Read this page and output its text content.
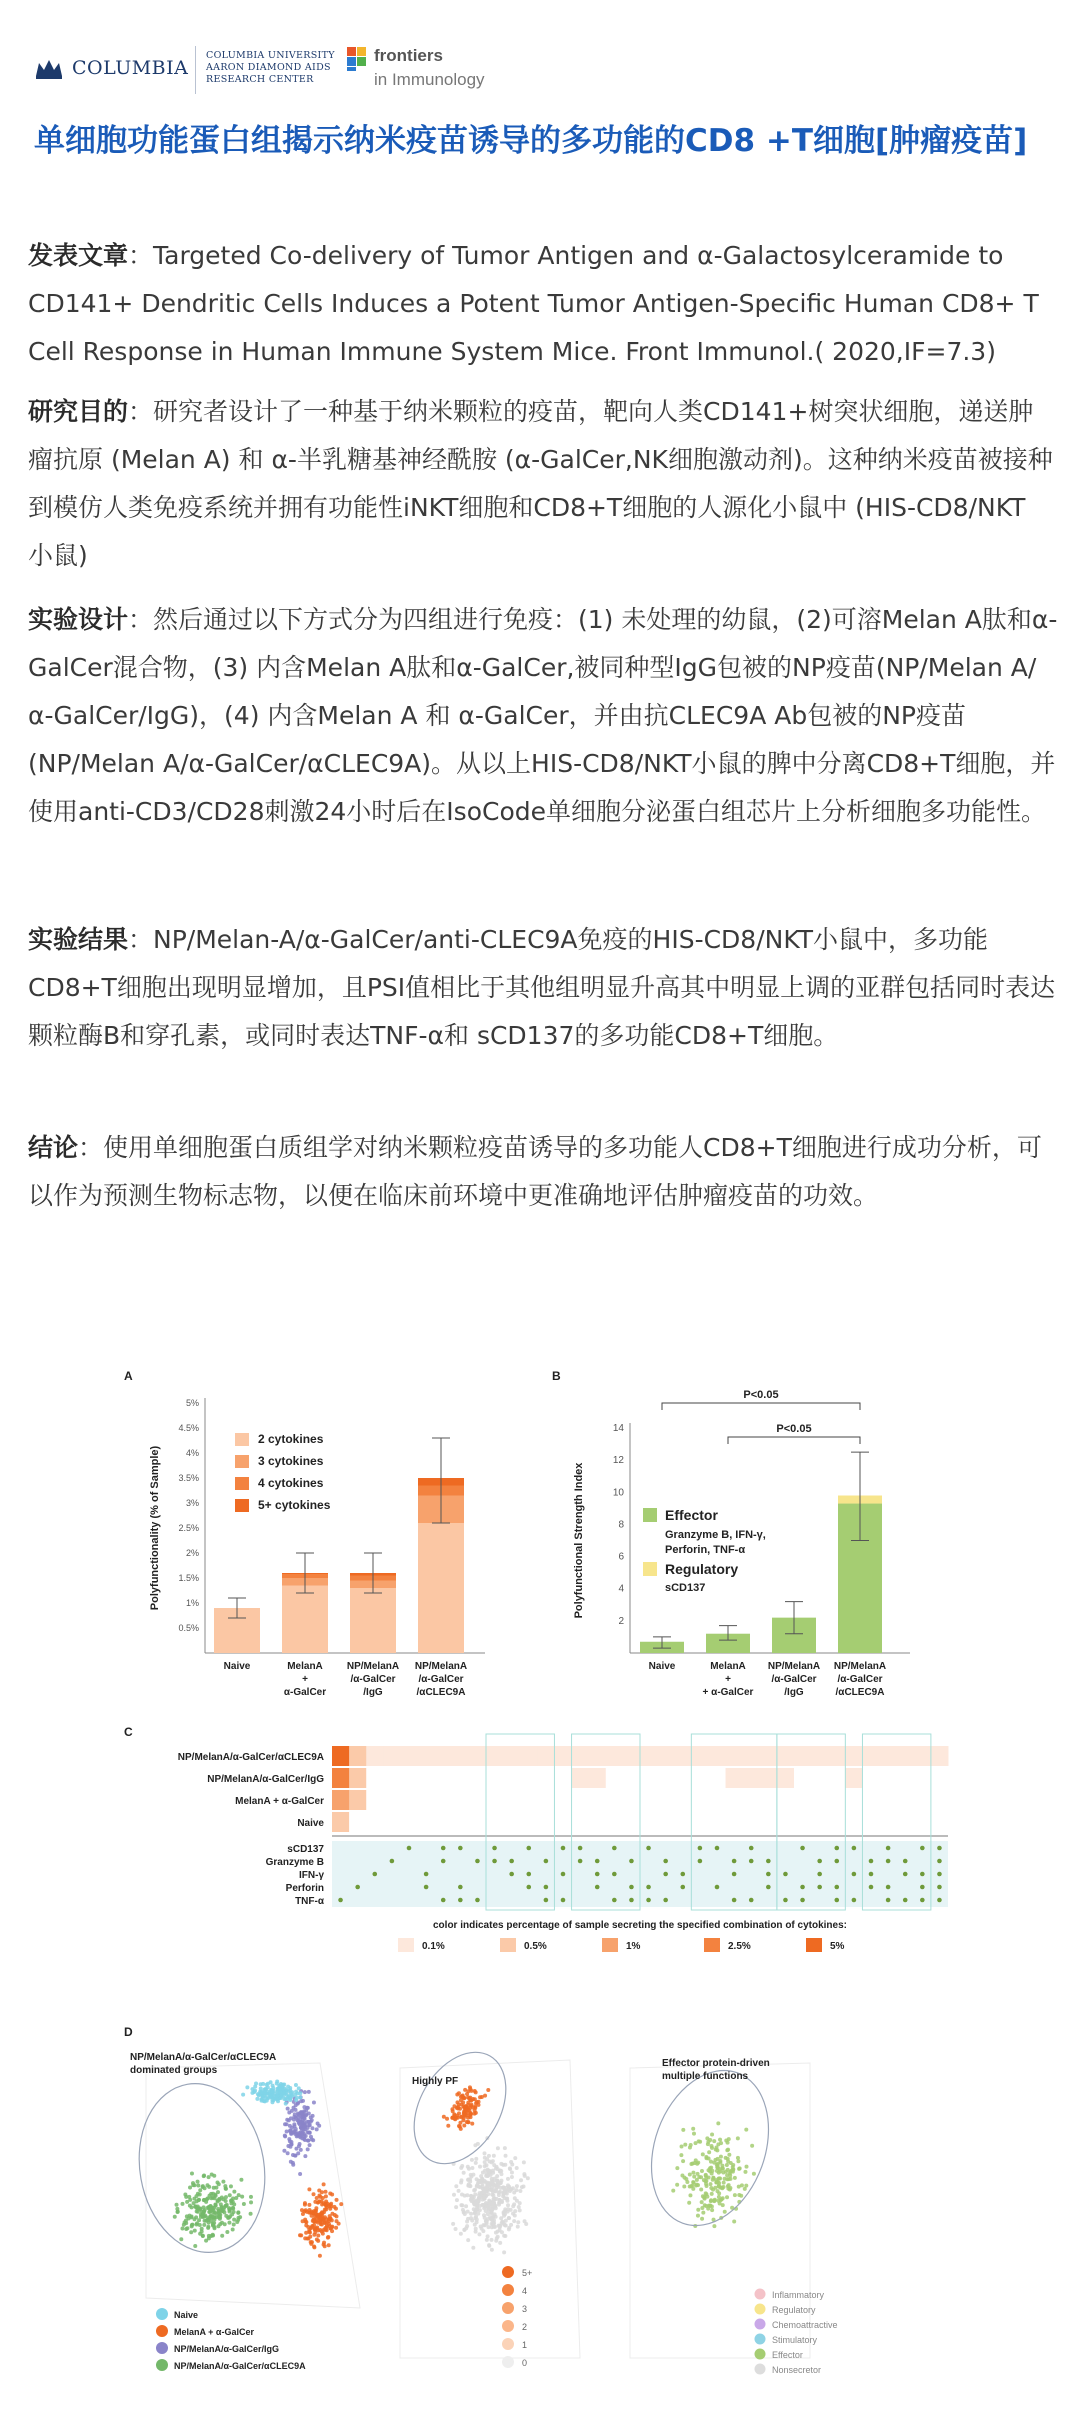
COLUMBIA
COLUMBIA UNIVERSITY
AARON DIAMOND AIDS
RESEARCH CENTER
frontiers
in Immunology
单细胞功能蛋白组揭示纳米疫苗诱导的多功能的CD8 +T细胞[肿瘤疫苗]
发表文章：Targeted Co-delivery of Tumor Antigen and α-Galactosylceramide to CD141+ Dendritic Cells Induces a Potent Tumor Antigen-Specific Human CD8+ T Cell Response in Human Immune System Mice. Front Immunol.( 2020,IF=7.3)
研究目的：研究者设计了一种基于纳米颗粒的疫苗，靶向人类CD141+树突状细胞，递送肿瘤抗原 (Melan A) 和 α-半乳糖基神经酰胺 (α-GalCer,NK细胞激动剂)。这种纳米疫苗被接种到模仿人类免疫系统并拥有功能性iNKT细胞和CD8+T细胞的人源化小鼠中 (HIS-CD8/NKT 小鼠)
实验设计：然后通过以下方式分为四组进行免疫：(1) 未处理的幼鼠，(2)可溶Melan A肽和α-GalCer混合物，(3) 内含Melan A肽和α-GalCer,被同种型IgG包被的NP疫苗(NP/Melan A/α-GalCer/IgG)，(4) 内含Melan A 和 α-GalCer，并由抗CLEC9A Ab包被的NP疫苗(NP/Melan A/α-GalCer/αCLEC9A)。从以上HIS-CD8/NKT小鼠的脾中分离CD8+T细胞，并使用anti-CD3/CD28刺激24小时后在IsoCode单细胞分泌蛋白组芯片上分析细胞多功能性。
实验结果：NP/Melan-A/α-GalCer/anti-CLEC9A免疫的HIS-CD8/NKT小鼠中，多功能CD8+T细胞出现明显增加，且PSI值相比于其他组明显升高其中明显上调的亚群包括同时表达颗粒酶B和穿孔素，或同时表达TNF-α和 sCD137的多功能CD8+T细胞。
结论：使用单细胞蛋白质组学对纳米颗粒疫苗诱导的多功能人CD8+T细胞进行成功分析，可以作为预测生物标志物，以便在临床前环境中更准确地评估肿瘤疫苗的功效。
A
5%
4.5%
4%
3.5%
3%
2.5%
2%
1.5%
1%
0.5%
Polyfunctionality (% of Sample)
Naive	MelanA
+
α-GalCer
NP/MelanA
/α-GalCer
/IgG
NP/MelanA
/α-GalCer
/αCLEC9A
2 cytokines
3 cytokines
4 cytokines
5+ cytokines
B
14
12
10
8
6
4
2
Polyfunctional Strength Index
Naive	MelanA
+
+ α-GalCer
NP/MelanA
/α-GalCer
/IgG
NP/MelanA
/α-GalCer
/αCLEC9A
P<0.05
P<0.05
Effector
Granzyme B, IFN-γ,
Perforin, TNF-α
Regulatory
sCD137
C
NP/MelanA/α-GalCer/αCLEC9A
NP/MelanA/α-GalCer/IgG
MelanA + α-GalCer
Naive
sCD137
Granzyme B
IFN-γ
Perforin
TNF-α
color indicates percentage of sample secreting the specified combination of cytokines:
0.1%	0.5%	1%	2.5%	5%
D
NP/MelanA/α-GalCer/αCLEC9A
dominated groups
Naive
MelanA + α-GalCer
NP/MelanA/α-GalCer/IgG
NP/MelanA/α-GalCer/αCLEC9A
Highly PF
5+
4
3
2
1
0
Effector protein-driven
multiple functions
Inflammatory
Regulatory
Chemoattractive
Stimulatory
Effector
Nonsecretor
